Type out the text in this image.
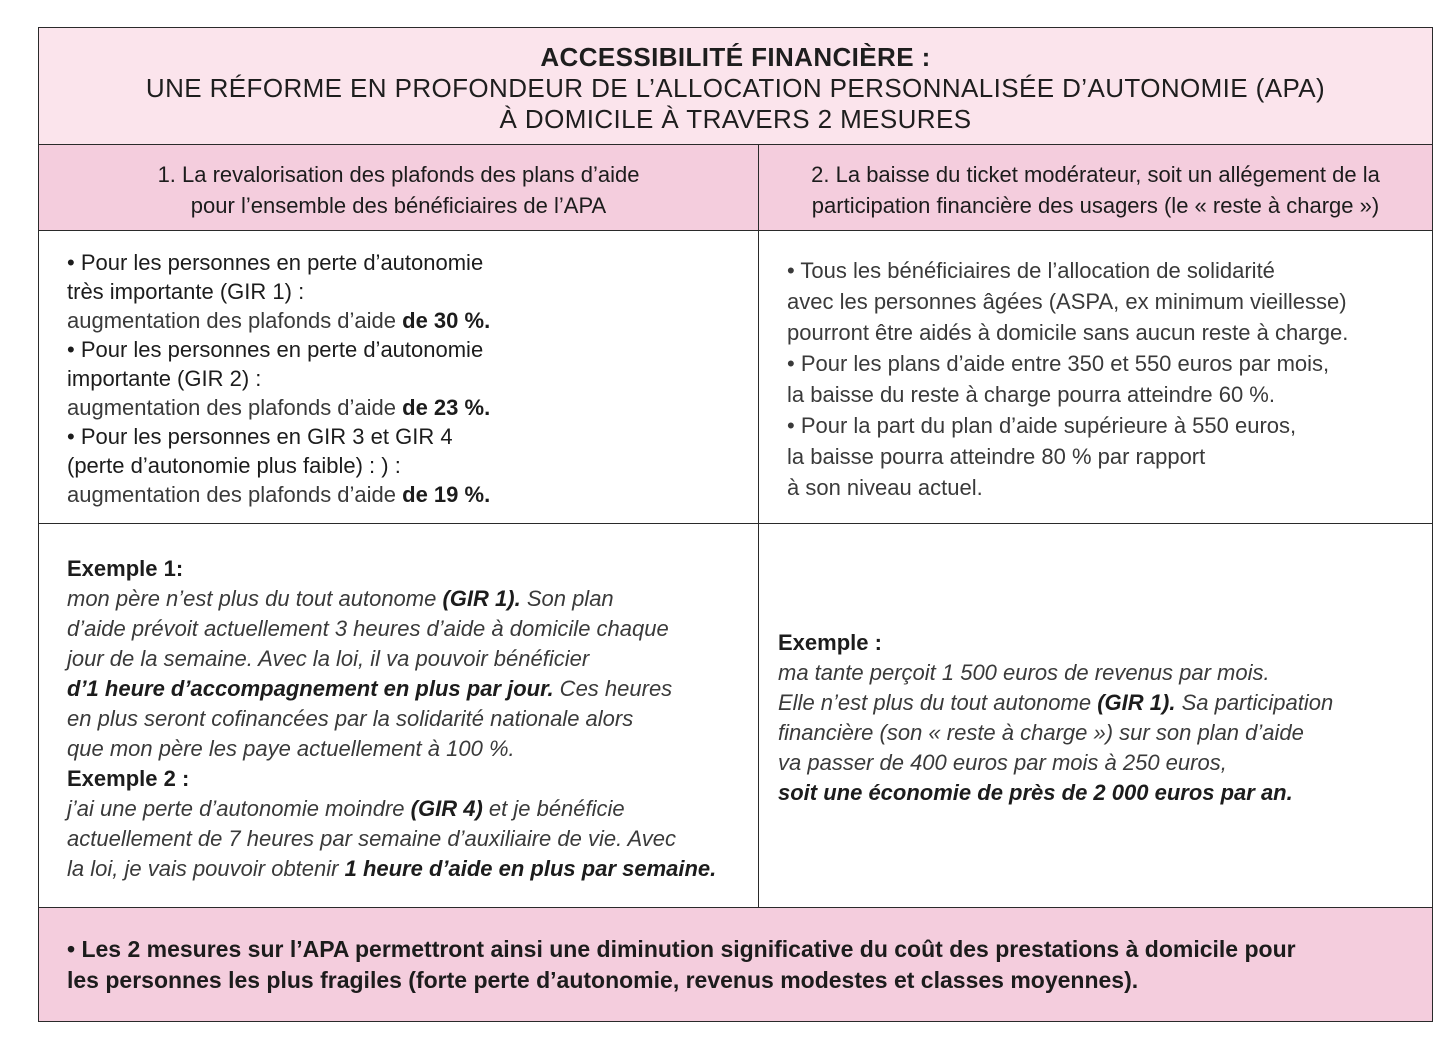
ACCESSIBILITÉ FINANCIÈRE :
UNE RÉFORME EN PROFONDEUR DE L’ALLOCATION PERSONNALISÉE D’AUTONOMIE (APA)
À DOMICILE À TRAVERS 2 MESURES
1. La revalorisation des plafonds des plans d’aide
pour l’ensemble des bénéficiaires de l’APA
2. La baisse du ticket modérateur, soit un allégement de la
participation financière des usagers (le « reste à charge »)
• Pour les personnes en perte d’autonomie
très importante (GIR 1) :
augmentation des plafonds d’aide de 30 %.
• Pour les personnes en perte d’autonomie
importante (GIR 2) :
augmentation des plafonds d’aide de 23 %.
• Pour les personnes en GIR 3 et GIR 4
(perte d’autonomie plus faible) : ) :
augmentation des plafonds d’aide de 19 %.
• Tous les bénéficiaires de l’allocation de solidarité
avec les personnes âgées (ASPA, ex minimum vieillesse)
pourront être aidés à domicile sans aucun reste à charge.
• Pour les plans d’aide entre 350 et 550 euros par mois,
la baisse du reste à charge pourra atteindre 60 %.
• Pour la part du plan d’aide supérieure à 550 euros,
la baisse pourra atteindre 80 % par rapport
à son niveau actuel.
Exemple 1:
mon père n’est plus du tout autonome (GIR 1). Son plan
d’aide prévoit actuellement 3 heures d’aide à domicile chaque
jour de la semaine. Avec la loi, il va pouvoir bénéficier
d’1 heure d’accompagnement en plus par jour. Ces heures
en plus seront cofinancées par la solidarité nationale alors
que mon père les paye actuellement à 100 %.
Exemple 2 :
j’ai une perte d’autonomie moindre (GIR 4) et je bénéficie
actuellement de 7 heures par semaine d’auxiliaire de vie. Avec
la loi, je vais pouvoir obtenir 1 heure d’aide en plus par semaine.
Exemple :
ma tante perçoit 1 500 euros de revenus par mois.
Elle n’est plus du tout autonome (GIR 1). Sa participation
financière (son « reste à charge ») sur son plan d’aide
va passer de 400 euros par mois à 250 euros,
soit une économie de près de 2 000 euros par an.
• Les 2 mesures sur l’APA permettront ainsi une diminution significative du coût des prestations à domicile pour
les personnes les plus fragiles (forte perte d’autonomie, revenus modestes et classes moyennes).
